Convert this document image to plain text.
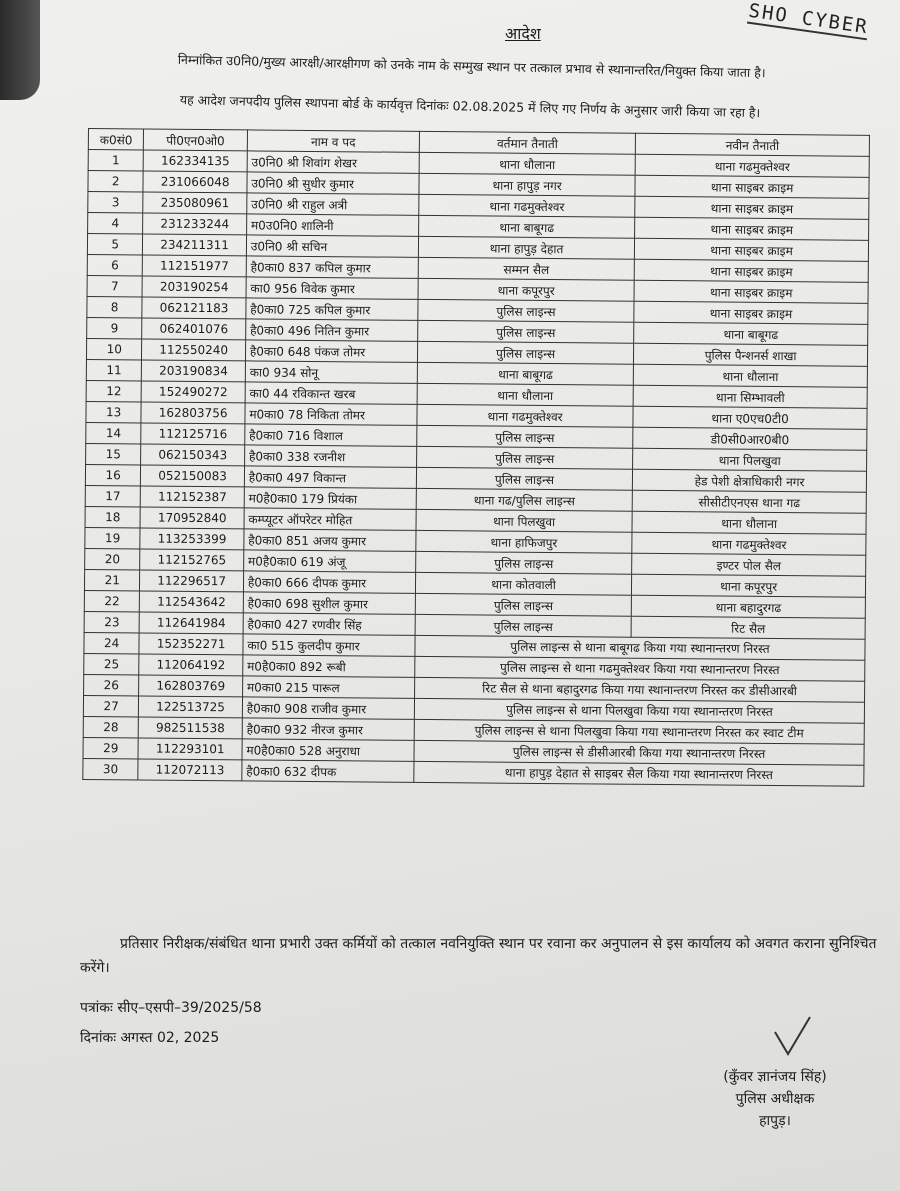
आदेश	SHO CYBER
निम्नांकित उ0नि0/मुख्य आरक्षी/आरक्षीगण को उनके नाम के सम्मुख स्थान पर तत्काल प्रभाव से स्थानान्तरित/नियुक्त किया जाता है।
यह आदेश जनपदीय पुलिस स्थापना बोर्ड के कार्यवृत्त दिनांकः 02.08.2025 में लिए गए निर्णय के अनुसार जारी किया जा रहा है।
क0सं0	पी0एन0ओ0	नाम व पद	वर्तमान तैनाती	नवीन तैनाती
1	162334135	उ0नि0 श्री शिवांग शेखर	थाना धौलाना	थाना गढमुक्तेश्वर
2	231066048	उ0नि0 श्री सुधीर कुमार	थाना हापुड़ नगर	थाना साइबर क्राइम
3	235080961	उ0नि0 श्री राहुल अत्री	थाना गढमुक्तेश्वर	थाना साइबर क्राइम
4	231233244	म0उ0नि0 शालिनी	थाना बाबूगढ	थाना साइबर क्राइम
5	234211311	उ0नि0 श्री सचिन	थाना हापुड़ देहात	थाना साइबर क्राइम
6	112151977	है0का0 837 कपिल कुमार	सम्मन सैल	थाना साइबर क्राइम
7	203190254	का0 956 विवेक कुमार	थाना कपूरपुर	थाना साइबर क्राइम
8	062121183	है0का0 725 कपिल कुमार	पुलिस लाइन्स	थाना साइबर क्राइम
9	062401076	है0का0 496 नितिन कुमार	पुलिस लाइन्स	थाना बाबूगढ
10	112550240	है0का0 648 पंकज तोमर	पुलिस लाइन्स	पुलिस पैन्शनर्स शाखा
11	203190834	का0 934 सोनू	थाना बाबूगढ	थाना धौलाना
12	152490272	का0 44 रविकान्त खरब	थाना धौलाना	थाना सिम्भावली
13	162803756	म0का0 78 निकिता तोमर	थाना गढमुक्तेश्वर	थाना ए0एच0टी0
14	112125716	है0का0 716 विशाल	पुलिस लाइन्स	डी0सी0आर0बी0
15	062150343	है0का0 338 रजनीश	पुलिस लाइन्स	थाना पिलखुवा
16	052150083	है0का0 497 विकान्त	पुलिस लाइन्स	हेड पेशी क्षेत्राधिकारी नगर
17	112152387	म0है0का0 179 प्रियंका	थाना गढ/पुलिस लाइन्स	सीसीटीएनएस थाना गढ
18	170952840	कम्प्यूटर ऑपरेटर मोहित	थाना पिलखुवा	थाना धौलाना
19	113253399	है0का0 851 अजय कुमार	थाना हाफिजपुर	थाना गढमुक्तेश्वर
20	112152765	म0है0का0 619 अंजू	पुलिस लाइन्स	इण्टर पोल सैल
21	112296517	है0का0 666 दीपक कुमार	थाना कोतवाली	थाना कपूरपुर
22	112543642	है0का0 698 सुशील कुमार	पुलिस लाइन्स	थाना बहादुरगढ
23	112641984	है0का0 427 रणवीर सिंह	पुलिस लाइन्स	रिट सैल
24	152352271	का0 515 कुलदीप कुमार	पुलिस लाइन्स से थाना बाबूगढ किया गया स्थानान्तरण निरस्त	
25	112064192	म0है0का0 892 रूबी	पुलिस लाइन्स से थाना गढमुक्तेश्वर किया गया स्थानान्तरण निरस्त	
26	162803769	म0का0 215 पारूल	रिट सैल से थाना बहादुरगढ किया गया स्थानान्तरण निरस्त कर डीसीआरबी	
27	122513725	है0का0 908 राजीव कुमार	पुलिस लाइन्स से थाना पिलखुवा किया गया स्थानान्तरण निरस्त	
28	982511538	है0का0 932 नीरज कुमार	पुलिस लाइन्स से थाना पिलखुवा किया गया स्थानान्तरण निरस्त कर स्वाट टीम	
29	112293101	म0है0का0 528 अनुराधा	पुलिस लाइन्स से डीसीआरबी किया गया स्थानान्तरण निरस्त	
30	112072113	है0का0 632 दीपक	थाना हापुड़ देहात से साइबर सैल किया गया स्थानान्तरण निरस्त	
प्रतिसार निरीक्षक/संबंधित थाना प्रभारी उक्त कर्मियों को तत्काल नवनियुक्ति स्थान पर रवाना कर अनुपालन से इस कार्यालय को अवगत कराना सुनिश्चित करेंगे।
पत्रांकः सीए–एसपी–39/2025/58
दिनांकः अगस्त 02, 2025
(कुँवर ज्ञानंजय सिंह)
पुलिस अधीक्षक
हापुड़।
